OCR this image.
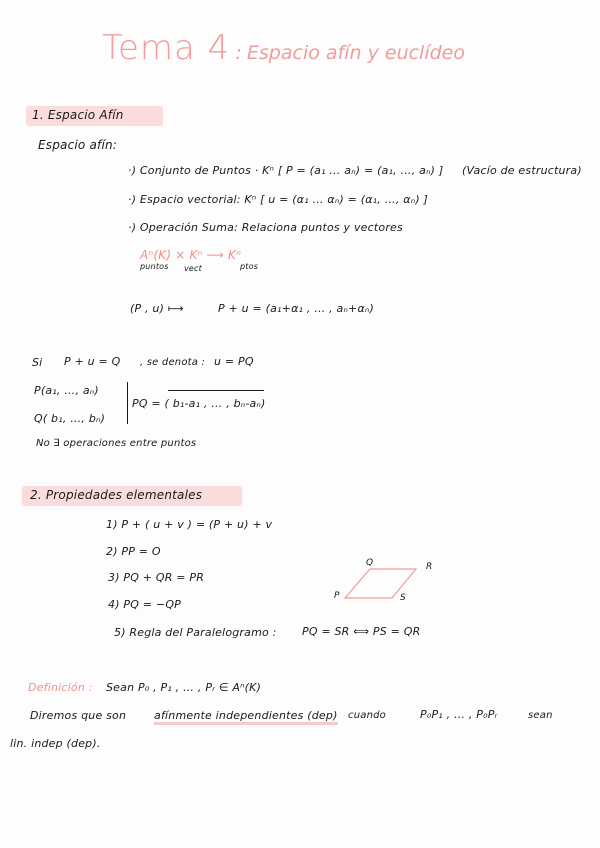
Tema 4 : Espacio afín y euclídeo
1. Espacio Afín
Espacio afín:
·) Conjunto de Puntos · Kⁿ [ P = (a₁ … aₙ) = (a₁, …, aₙ) ] (Vacío de estructura)
·) Espacio vectorial: Kⁿ [ u = (α₁ … αₙ) = (α₁, …, αₙ) ]
·) Operación Suma: Relaciona puntos y vectores
Aⁿ(K) × Kⁿ ⟶ Kⁿ
puntos vect	ptos
(P , u) ⟼	P + u = (a₁+α₁ , … , aₙ+αₙ)
Si P + u = Q , se denota : u = PQ
P(a₁, …, aₙ)
Q( b₁, …, bₙ)
PQ = ( b₁-a₁ , … , bₙ-aₙ)
No ∃ operaciones entre puntos
2. Propiedades elementales
1) P + ( u + v ) = (P + u) + v
2) PP = O
3) PQ + QR = PR
4) PQ = −QP
5) Regla del Paralelogramo : PQ = SR ⟺ PS = QR
P
Q	R
S
Definición : Sean P₀ , P₁ , … , Pᵣ ∈ Aⁿ(K)
Diremos que son	afínmente independientes (dep) cuando	P₀P₁ , … , P₀Pᵣ	sean
lin. indep (dep).
